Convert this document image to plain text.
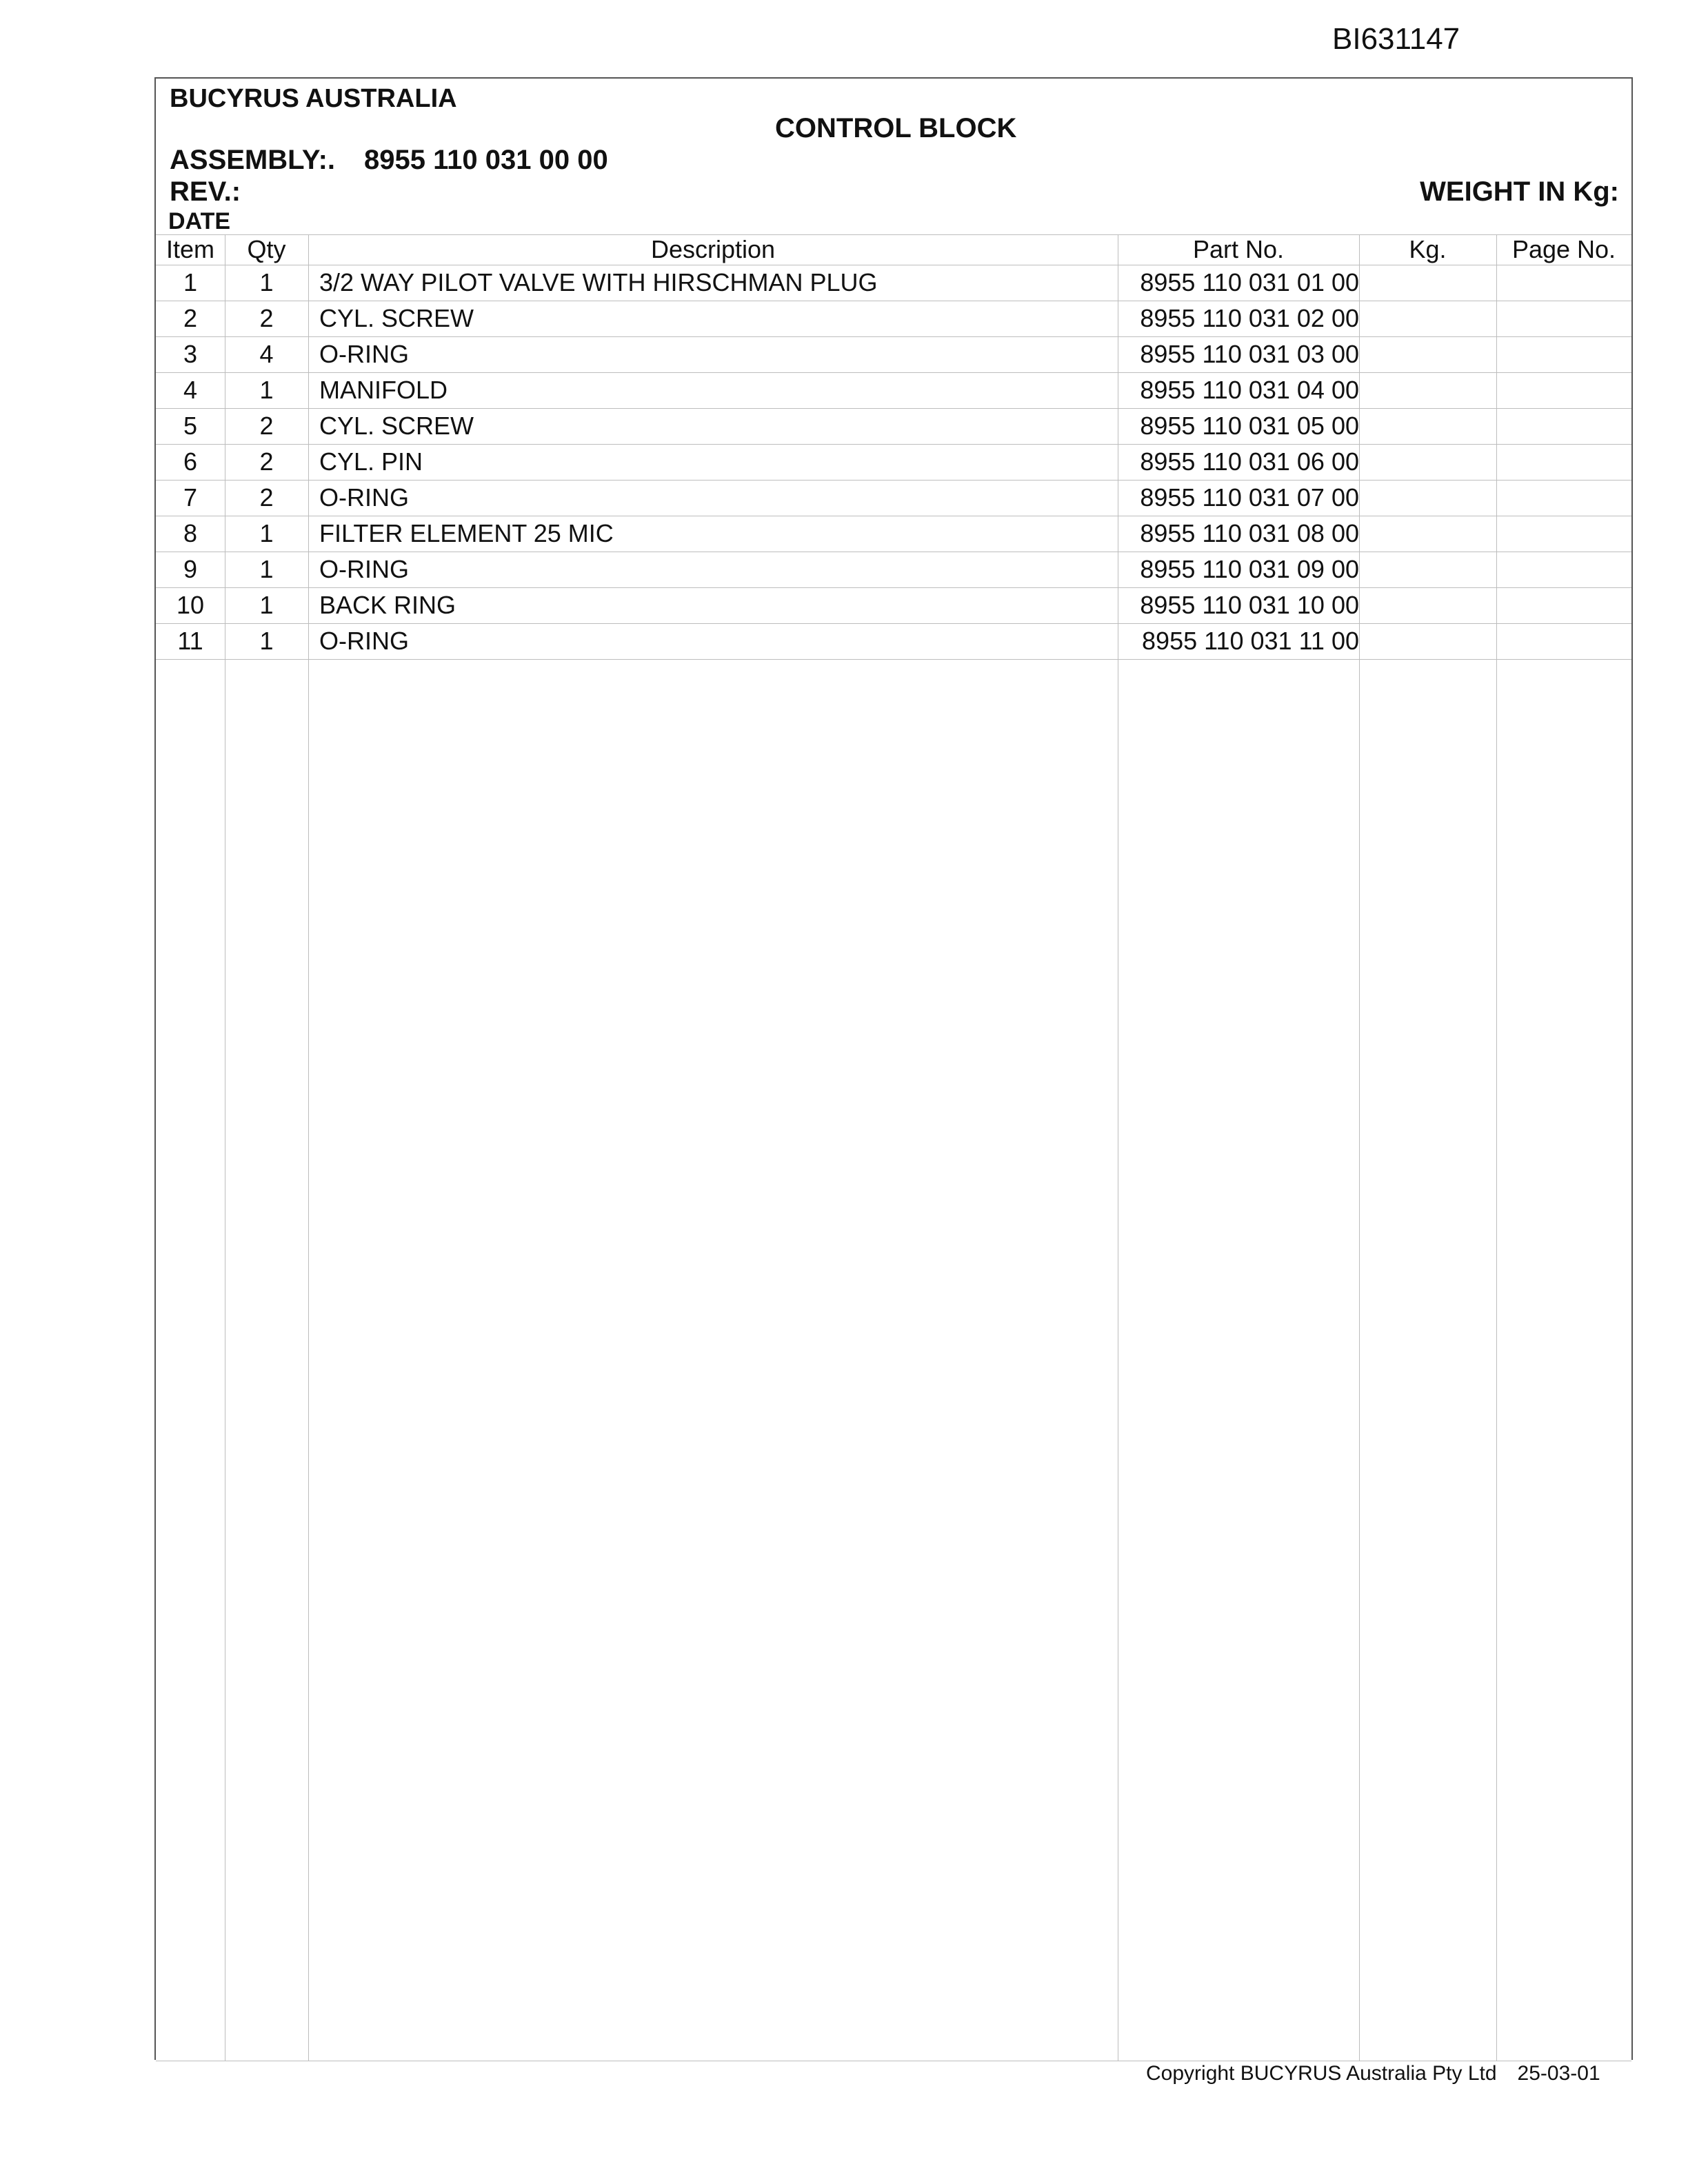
BI631147
BUCYRUS AUSTRALIA
CONTROL BLOCK
ASSEMBLY:. 8955 110 031 00 00
REV.:	WEIGHT IN Kg:
DATE
Item	Qty	Description	Part No.	Kg.	Page No.
1	1	3/2 WAY PILOT VALVE WITH HIRSCHMAN PLUG	8955 110 031 01 00
2	2	CYL. SCREW	8955 110 031 02 00
3	4	O-RING	8955 110 031 03 00
4	1	MANIFOLD	8955 110 031 04 00
5	2	CYL. SCREW	8955 110 031 05 00
6	2	CYL. PIN	8955 110 031 06 00
7	2	O-RING	8955 110 031 07 00
8	1	FILTER ELEMENT 25 MIC	8955 110 031 08 00
9	1	O-RING	8955 110 031 09 00
10	1	BACK RING	8955 110 031 10 00
11	1	O-RING	8955 110 031 11 00
Copyright BUCYRUS Australia Pty Ltd 25-03-01
